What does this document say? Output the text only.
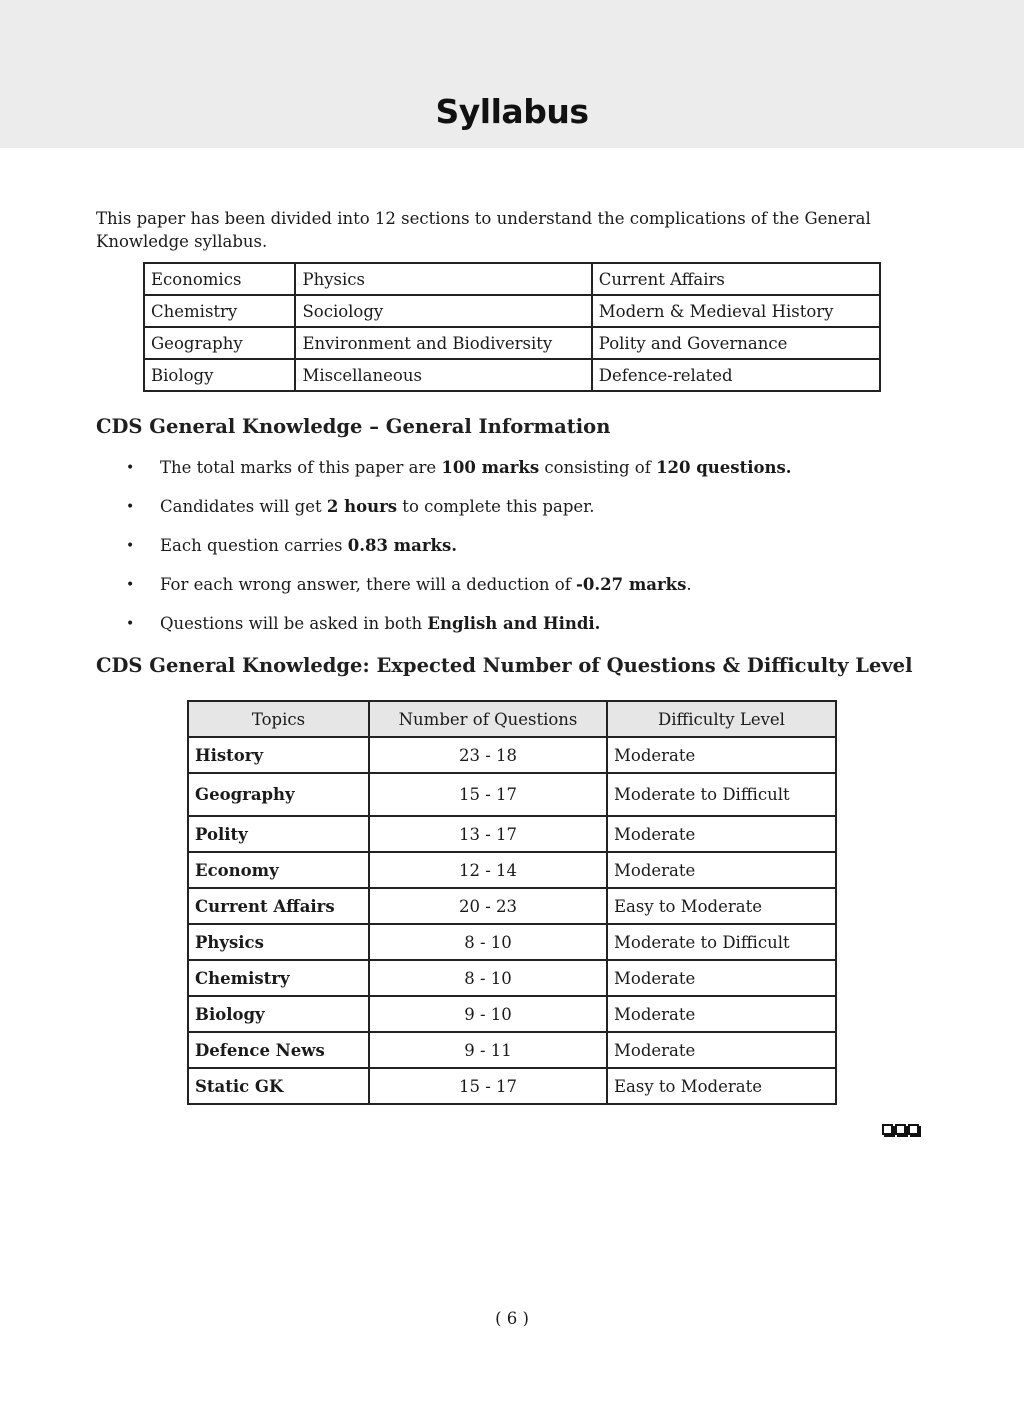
Syllabus

This paper has been divided into 12 sections to understand the complications of the General Knowledge syllabus.

Economics	Physics	Current Affairs
Chemistry	Sociology	Modern & Medieval History
Geography	Environment and Biodiversity	Polity and Governance
Biology	Miscellaneous	Defence-related
CDS General Knowledge – General Information
• The total marks of this paper are 100 marks consisting of 120 questions.
• Candidates will get 2 hours to complete this paper.
• Each question carries 0.83 marks.
• For each wrong answer, there will a deduction of -0.27 marks.
• Questions will be asked in both English and Hindi.
CDS General Knowledge: Expected Number of Questions & Difficulty Level
Topics	Number of Questions	Difficulty Level
History	23 - 18	Moderate
Geography	15 - 17	Moderate to Difficult
Polity	13 - 17	Moderate
Economy	12 - 14	Moderate
Current Affairs	20 - 23	Easy to Moderate
Physics	8 - 10	Moderate to Difficult
Chemistry	8 - 10	Moderate
Biology	9 - 10	Moderate
Defence News	9 - 11	Moderate
Static GK	15 - 17	Easy to Moderate
( 6 )
